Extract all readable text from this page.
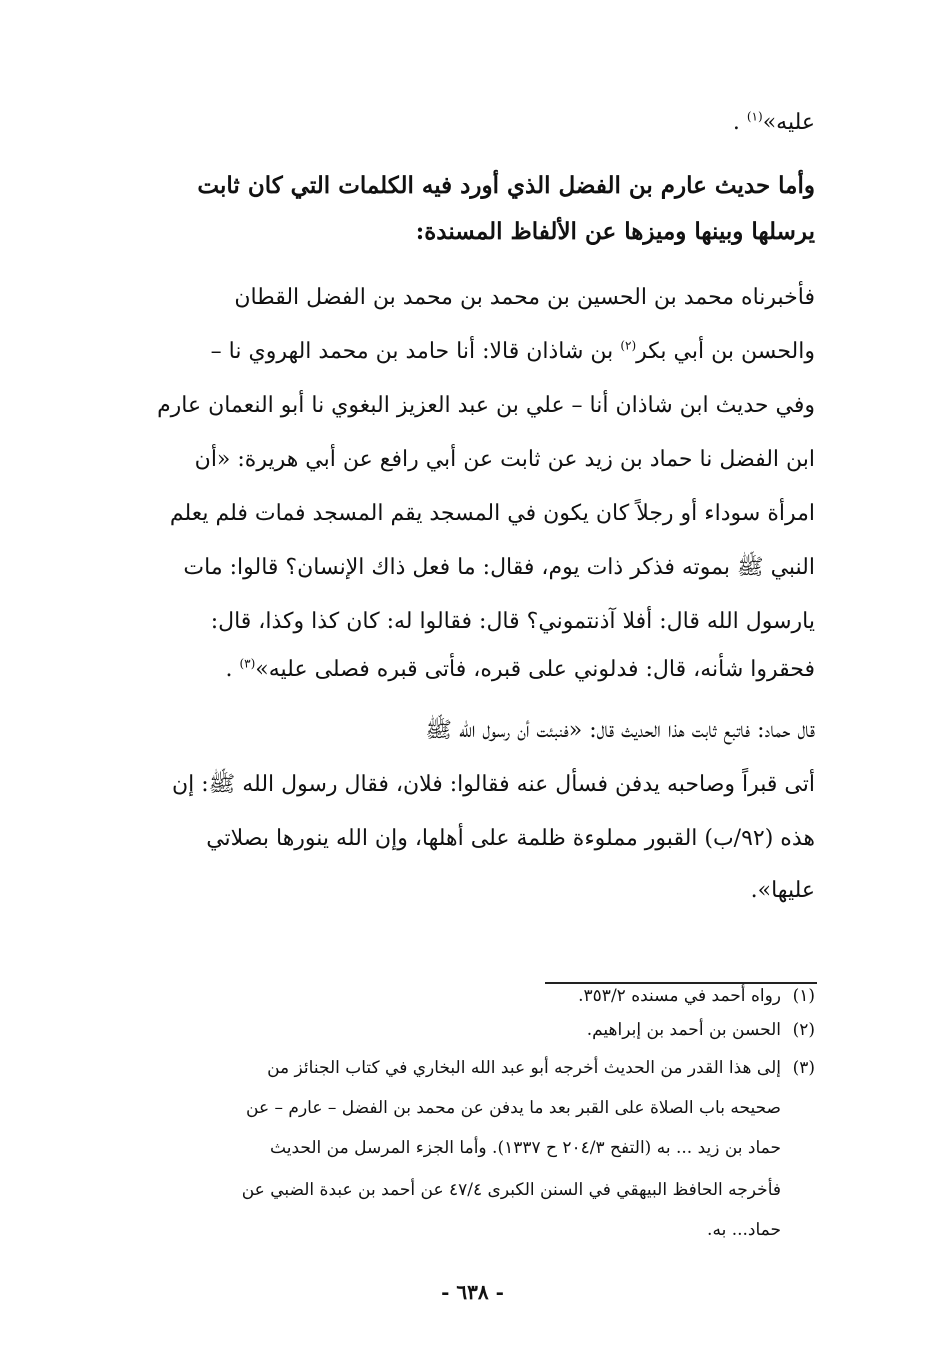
عليه»$^{(١)}$ .
وأما حديث عارم بن الفضل الذي أورد فيه الكلمات التي كان ثابت
يرسلها وبينها وميزها عن الألفاظ المسندة:
فأخبرناه محمد بن الحسين بن محمد بن محمد بن الفضل القطان
والحسن بن أبي بكر$^{(٢)}$ بن شاذان قالا: أنا حامد بن محمد الهروي نا –
وفي حديث ابن شاذان أنا – علي بن عبد العزيز البغوي نا أبو النعمان عارم
ابن الفضل نا حماد بن زيد عن ثابت عن أبي رافع عن أبي هريرة: «أن
امرأة سوداء أو رجلاً كان يكون في المسجد يقم المسجد فمات فلم يعلم
النبي ﷺ بموته فذكر ذات يوم، فقال: ما فعل ذاك الإنسان؟ قالوا: مات
يارسول الله قال: أفلا آذنتموني؟ قال: فقالوا له: كان كذا وكذا، قال:
فحقروا شأنه، قال: فدلوني على قبره، فأتى قبره فصلى عليه»$^{(٣)}$ .
قال حماد: فاتبع ثابت هذا الحديث قال: «فنبئت أن رسول الله ﷺ
أتى قبراً وصاحبه يدفن فسأل عنه فقالوا: فلان، فقال رسول الله ﷺ: إن
هذه (٩٢/ب) القبور مملوءة ظلمة على أهلها، وإن الله ينورها بصلاتي
عليها».
(١)رواه أحمد في مسنده ٣٥٣/٢.
(٢)الحسن بن أحمد بن إبراهيم.
(٣)إلى هذا القدر من الحديث أخرجه أبو عبد الله البخاري في كتاب الجنائز من
صحيحه باب الصلاة على القبر بعد ما يدفن عن محمد بن الفضل – عارم – عن
حماد بن زيد ... به (التفح ٢٠٤/٣ ح ١٣٣٧). وأما الجزء المرسل من الحديث
فأخرجه الحافظ البيهقي في السنن الكبرى ٤٧/٤ عن أحمد بن عبدة الضبي عن
حماد... به.
- ٦٣٨ -
